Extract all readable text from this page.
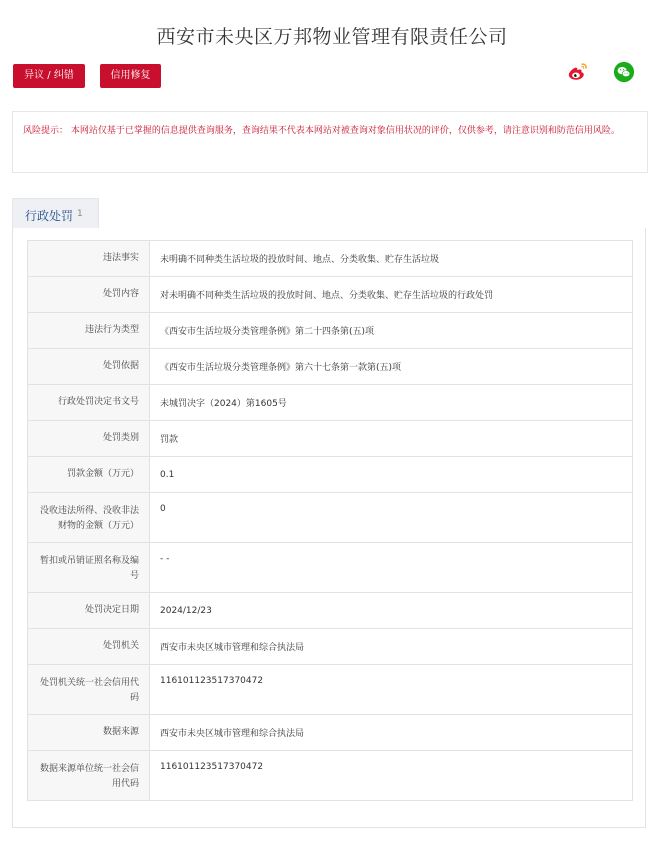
西安市未央区万邦物业管理有限责任公司
异议 / 纠错	信用修复

风险提示： 本网站仅基于已掌握的信息提供查询服务，查询结果不代表本网站对被查询对象信用状况的评价，仅供参考，请注意识别和防范信用风险。

行政处罚 1
违法事实	未明确不同种类生活垃圾的投放时间、地点、分类收集、贮存生活垃圾
处罚内容	对未明确不同种类生活垃圾的投放时间、地点、分类收集、贮存生活垃圾的行政处罚
违法行为类型	《西安市生活垃圾分类管理条例》第二十四条第(五)项
处罚依据	《西安市生活垃圾分类管理条例》第六十七条第一款第(五)项
行政处罚决定书文号	未城罚决字（2024）第1605号
处罚类别	罚款
罚款金额（万元）	0.1
没收违法所得、没收非法财物的金额（万元）	0
暂扣或吊销证照名称及编号	- -
处罚决定日期	2024/12/23
处罚机关	西安市未央区城市管理和综合执法局
处罚机关统一社会信用代码	116101123517370472
数据来源	西安市未央区城市管理和综合执法局
数据来源单位统一社会信用代码	116101123517370472
